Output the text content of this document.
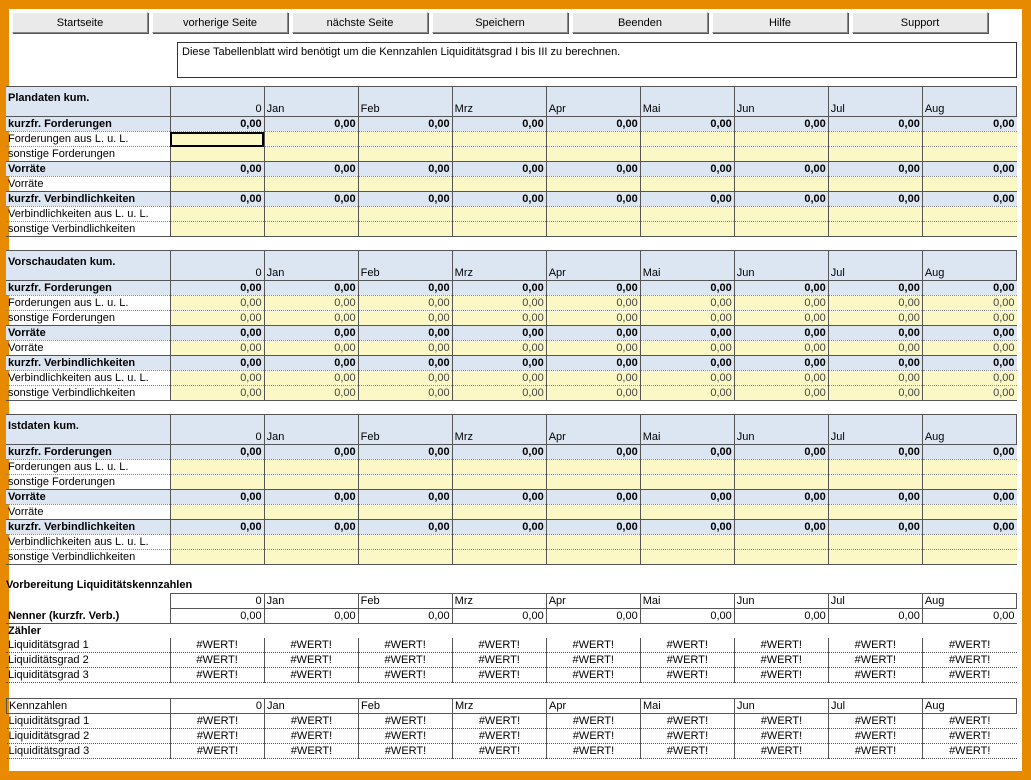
Startseite	vorherige Seite	nächste Seite	Speichern	Beenden	Hilfe	Support
Diese Tabellenblatt wird benötigt um die Kennzahlen Liquiditätsgrad I bis III zu berechnen.
Plandaten kum.	0	Jan	Feb	Mrz	Apr	Mai	Jun	Jul	Aug
kurzfr. Forderungen	0,00	0,00	0,00	0,00	0,00	0,00	0,00	0,00	0,00
Forderungen aus L. u. L.									
sonstige Forderungen									
Vorräte	0,00	0,00	0,00	0,00	0,00	0,00	0,00	0,00	0,00
Vorräte									
kurzfr. Verbindlichkeiten	0,00	0,00	0,00	0,00	0,00	0,00	0,00	0,00	0,00
Verbindlichkeiten aus L. u. L.									
sonstige Verbindlichkeiten									
Vorschaudaten kum.	0	Jan	Feb	Mrz	Apr	Mai	Jun	Jul	Aug
kurzfr. Forderungen	0,00	0,00	0,00	0,00	0,00	0,00	0,00	0,00	0,00
Forderungen aus L. u. L.	0,00	0,00	0,00	0,00	0,00	0,00	0,00	0,00	0,00
sonstige Forderungen	0,00	0,00	0,00	0,00	0,00	0,00	0,00	0,00	0,00
Vorräte	0,00	0,00	0,00	0,00	0,00	0,00	0,00	0,00	0,00
Vorräte	0,00	0,00	0,00	0,00	0,00	0,00	0,00	0,00	0,00
kurzfr. Verbindlichkeiten	0,00	0,00	0,00	0,00	0,00	0,00	0,00	0,00	0,00
Verbindlichkeiten aus L. u. L.	0,00	0,00	0,00	0,00	0,00	0,00	0,00	0,00	0,00
sonstige Verbindlichkeiten	0,00	0,00	0,00	0,00	0,00	0,00	0,00	0,00	0,00
Istdaten kum.	0	Jan	Feb	Mrz	Apr	Mai	Jun	Jul	Aug
kurzfr. Forderungen	0,00	0,00	0,00	0,00	0,00	0,00	0,00	0,00	0,00
Forderungen aus L. u. L.									
sonstige Forderungen									
Vorräte	0,00	0,00	0,00	0,00	0,00	0,00	0,00	0,00	0,00
Vorräte									
kurzfr. Verbindlichkeiten	0,00	0,00	0,00	0,00	0,00	0,00	0,00	0,00	0,00
Verbindlichkeiten aus L. u. L.									
sonstige Verbindlichkeiten									
Vorbereitung Liquiditätskennzahlen
	0	Jan	Feb	Mrz	Apr	Mai	Jun	Jul	Aug
Nenner (kurzfr. Verb.)	0,00	0,00	0,00	0,00	0,00	0,00	0,00	0,00	0,00
Zähler									
Liquiditätsgrad 1	#WERT!	#WERT!	#WERT!	#WERT!	#WERT!	#WERT!	#WERT!	#WERT!	#WERT!
Liquiditätsgrad 2	#WERT!	#WERT!	#WERT!	#WERT!	#WERT!	#WERT!	#WERT!	#WERT!	#WERT!
Liquiditätsgrad 3	#WERT!	#WERT!	#WERT!	#WERT!	#WERT!	#WERT!	#WERT!	#WERT!	#WERT!
Kennzahlen	0	Jan	Feb	Mrz	Apr	Mai	Jun	Jul	Aug
Liquiditätsgrad 1	#WERT!	#WERT!	#WERT!	#WERT!	#WERT!	#WERT!	#WERT!	#WERT!	#WERT!
Liquiditätsgrad 2	#WERT!	#WERT!	#WERT!	#WERT!	#WERT!	#WERT!	#WERT!	#WERT!	#WERT!
Liquiditätsgrad 3	#WERT!	#WERT!	#WERT!	#WERT!	#WERT!	#WERT!	#WERT!	#WERT!	#WERT!
